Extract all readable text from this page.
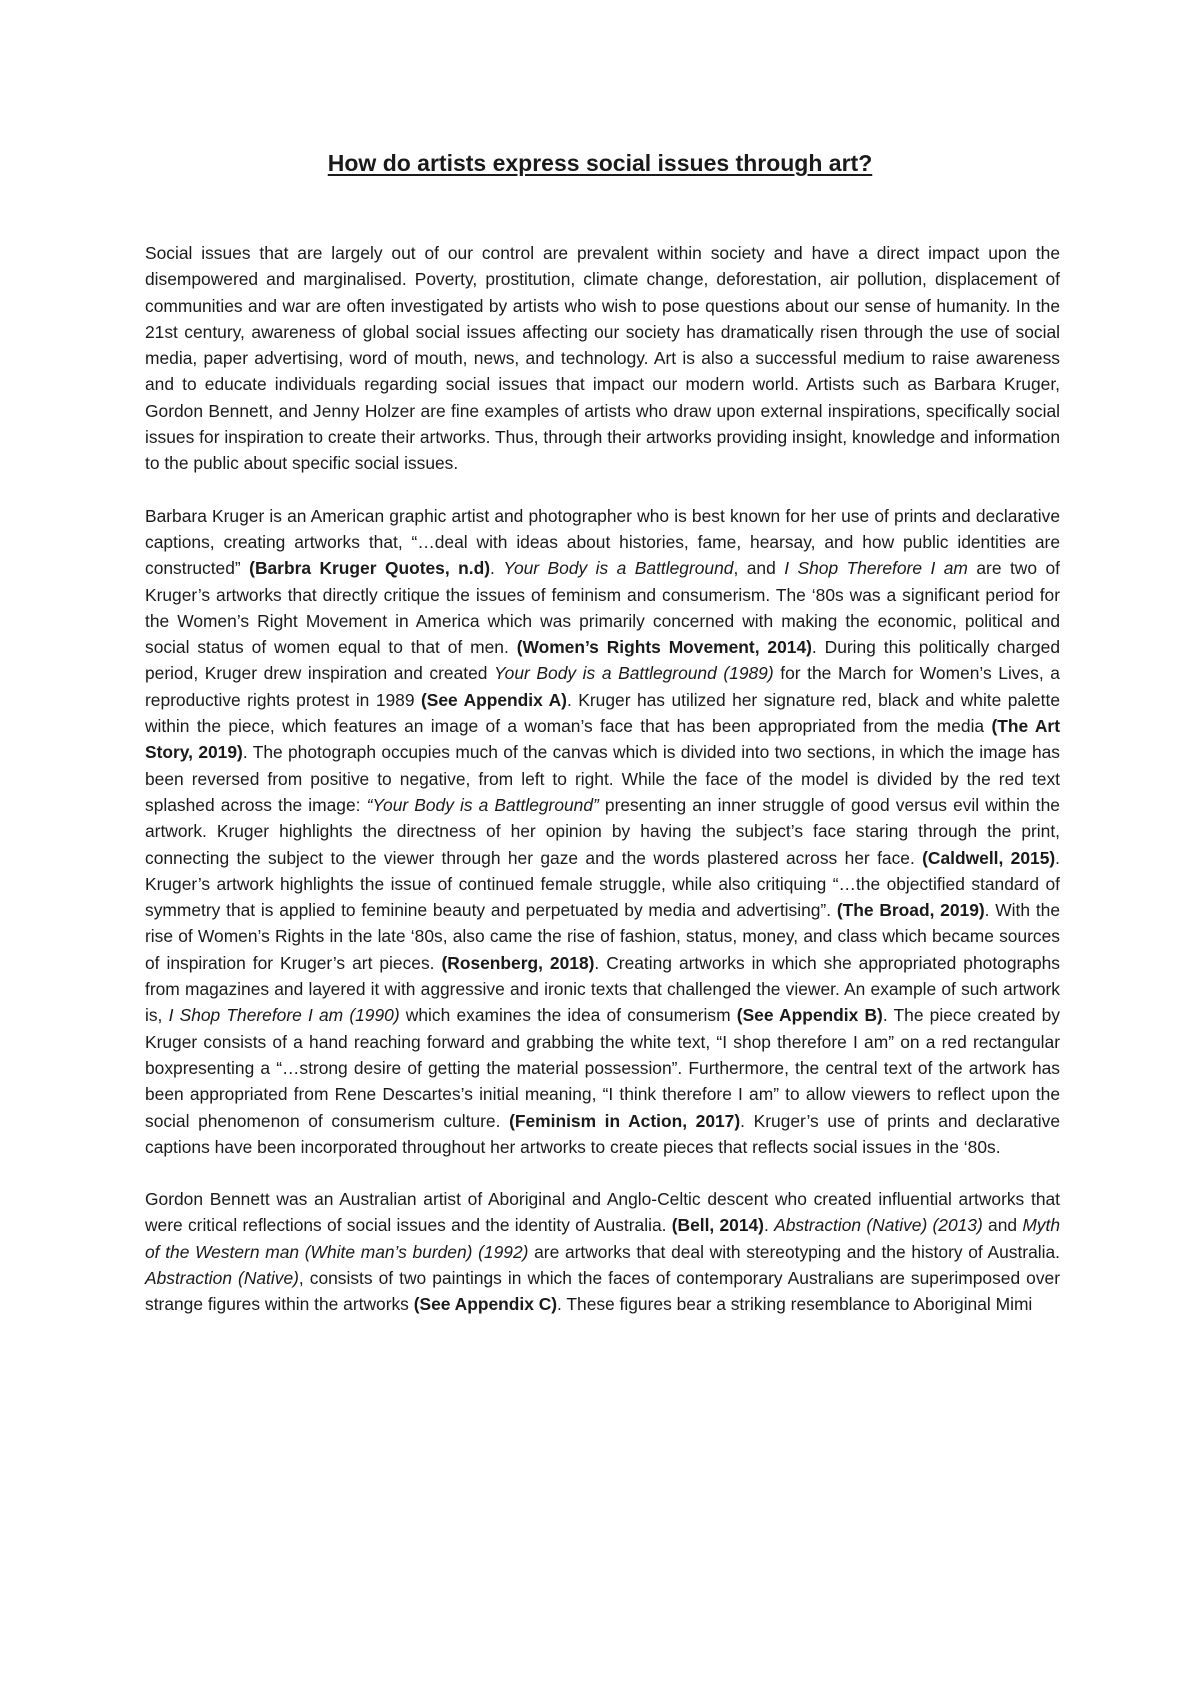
How do artists express social issues through art?

Social issues that are largely out of our control are prevalent within society and have a direct impact upon the disempowered and marginalised. Poverty, prostitution, climate change, deforestation, air pollution, displacement of communities and war are often investigated by artists who wish to pose questions about our sense of humanity. In the 21st century, awareness of global social issues affecting our society has dramatically risen through the use of social media, paper advertising, word of mouth, news, and technology. Art is also a successful medium to raise awareness and to educate individuals regarding social issues that impact our modern world. Artists such as Barbara Kruger, Gordon Bennett, and Jenny Holzer are fine examples of artists who draw upon external inspirations, specifically social issues for inspiration to create their artworks. Thus, through their artworks providing insight, knowledge and information to the public about specific social issues.

Barbara Kruger is an American graphic artist and photographer who is best known for her use of prints and declarative captions, creating artworks that, “…deal with ideas about histories, fame, hearsay, and how public identities are constructed” (Barbra Kruger Quotes, n.d). Your Body is a Battleground, and I Shop Therefore I am are two of Kruger’s artworks that directly critique the issues of feminism and consumerism. The ‘80s was a significant period for the Women’s Right Movement in America which was primarily concerned with making the economic, political and social status of women equal to that of men. (Women’s Rights Movement, 2014). During this politically charged period, Kruger drew inspiration and created Your Body is a Battleground (1989) for the March for Women’s Lives, a reproductive rights protest in 1989 (See Appendix A). Kruger has utilized her signature red, black and white palette within the piece, which features an image of a woman’s face that has been appropriated from the media (The Art Story, 2019). The photograph occupies much of the canvas which is divided into two sections, in which the image has been reversed from positive to negative, from left to right. While the face of the model is divided by the red text splashed across the image: “Your Body is a Battleground” presenting an inner struggle of good versus evil within the artwork. Kruger highlights the directness of her opinion by having the subject’s face staring through the print, connecting the subject to the viewer through her gaze and the words plastered across her face. (Caldwell, 2015). Kruger’s artwork highlights the issue of continued female struggle, while also critiquing “…the objectified standard of symmetry that is applied to feminine beauty and perpetuated by media and advertising”. (The Broad, 2019). With the rise of Women’s Rights in the late ‘80s, also came the rise of fashion, status, money, and class which became sources of inspiration for Kruger’s art pieces. (Rosenberg, 2018). Creating artworks in which she appropriated photographs from magazines and layered it with aggressive and ironic texts that challenged the viewer. An example of such artwork is, I Shop Therefore I am (1990) which examines the idea of consumerism (See Appendix B). The piece created by Kruger consists of a hand reaching forward and grabbing the white text, “I shop therefore I am” on a red rectangular boxpresenting a “…strong desire of getting the material possession”. Furthermore, the central text of the artwork has been appropriated from Rene Descartes’s initial meaning, “I think therefore I am” to allow viewers to reflect upon the social phenomenon of consumerism culture. (Feminism in Action, 2017). Kruger’s use of prints and declarative captions have been incorporated throughout her artworks to create pieces that reflects social issues in the ‘80s.

Gordon Bennett was an Australian artist of Aboriginal and Anglo-Celtic descent who created influential artworks that were critical reflections of social issues and the identity of Australia. (Bell, 2014). Abstraction (Native) (2013) and Myth of the Western man (White man’s burden) (1992) are artworks that deal with stereotyping and the history of Australia. Abstraction (Native), consists of two paintings in which the faces of contemporary Australians are superimposed over strange figures within the artworks (See Appendix C). These figures bear a striking resemblance to Aboriginal Mimi
